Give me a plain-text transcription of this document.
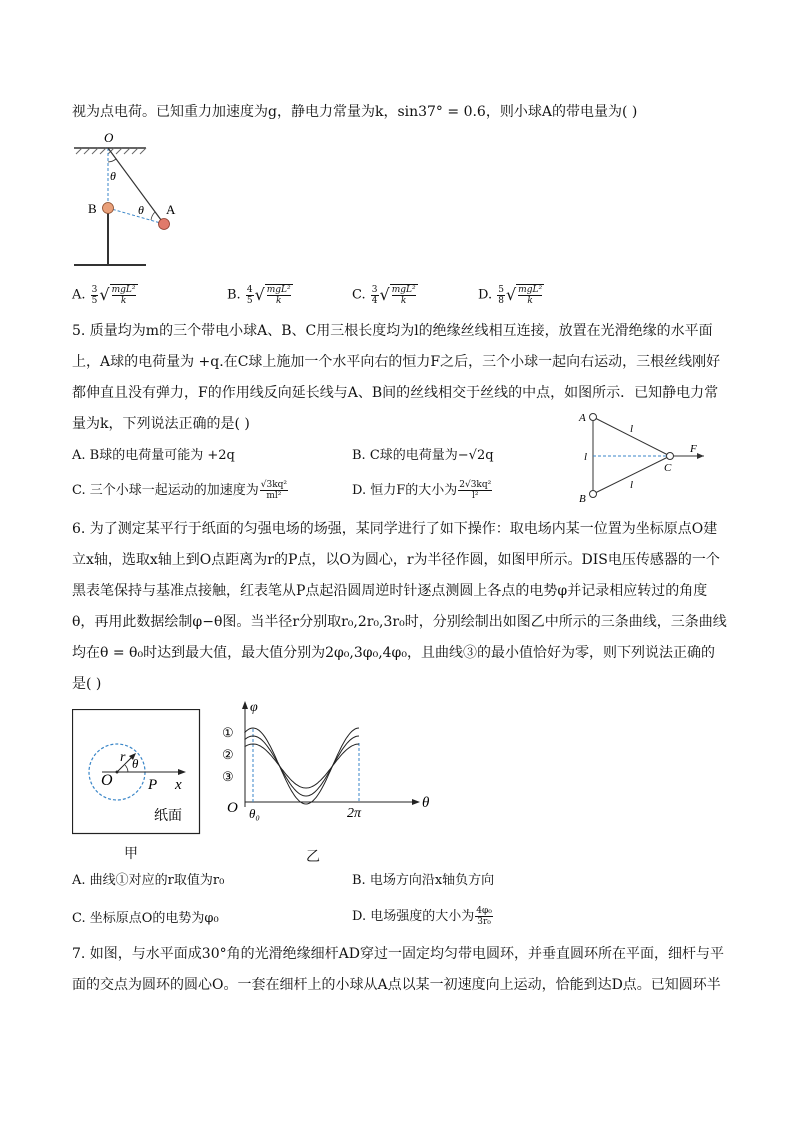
视为点电荷。已知重力加速度为g，静电力常量为k，sin37° = 0.6，则小球A的带电量为( )
O
θ
θ
B	A
A. $\frac{3}{5}$ √ mgL²
k	B. $\frac{4}{5}$ √ mgL²
k	C. $\frac{3}{4}$ √ mgL²
k	D. $\frac{5}{8}$ √ mgL²
k
5. 质量均为m的三个带电小球A、B、C用三根长度均为l的绝缘丝线相互连接，放置在光滑绝缘的水平面
上，A球的电荷量为 +q.在C球上施加一个水平向右的恒力F之后，三个小球一起向右运动，三根丝线刚好
都伸直且没有弹力，F的作用线反向延长线与A、B间的丝线相交于丝线的中点，如图所示．已知静电力常
量为k，下列说法正确的是( )	A
B
C
F
l
l
l
A. B球的电荷量可能为 +2q	B. C球的电荷量为−√2q
C. 三个小球一起运动的加速度为 $\frac{\text{√3kq²}}{\text{ml²}}$	D. 恒力F的大小为 $\frac{\text{2√3kq²}}{\text{l²}}$
6. 为了测定某平行于纸面的匀强电场的场强，某同学进行了如下操作：取电场内某一位置为坐标原点O建
立x轴，选取x轴上到O点距离为r的P点，以O为圆心，r为半径作圆，如图甲所示。DIS电压传感器的一个
黑表笔保持与基准点接触，红表笔从P点起沿圆周逆时针逐点测圆上各点的电势φ并记录相应转过的角度
θ，再用此数据绘制φ−θ图。当半径r分别取r₀,2r₀,3r₀时，分别绘制出如图乙中所示的三条曲线，三条曲线
均在θ = θ₀时达到最大值，最大值分别为2φ₀,3φ₀,4φ₀，且曲线③的最小值恰好为零，则下列说法正确的
是( )
r θ
O	x
P
纸面
甲
φ
①
②
③
O θ₀	2π
θ
乙
A. 曲线①对应的r取值为r₀	B. 电场方向沿x轴负方向
C. 坐标原点O的电势为φ₀	D. 电场强度的大小为 $\frac{\text{4φ₀}}{\text{3r₀}}$
7. 如图，与水平面成30°角的光滑绝缘细杆AD穿过一固定均匀带电圆环，并垂直圆环所在平面，细杆与平
面的交点为圆环的圆心O。一套在细杆上的小球从A点以某一初速度向上运动，恰能到达D点。已知圆环半
